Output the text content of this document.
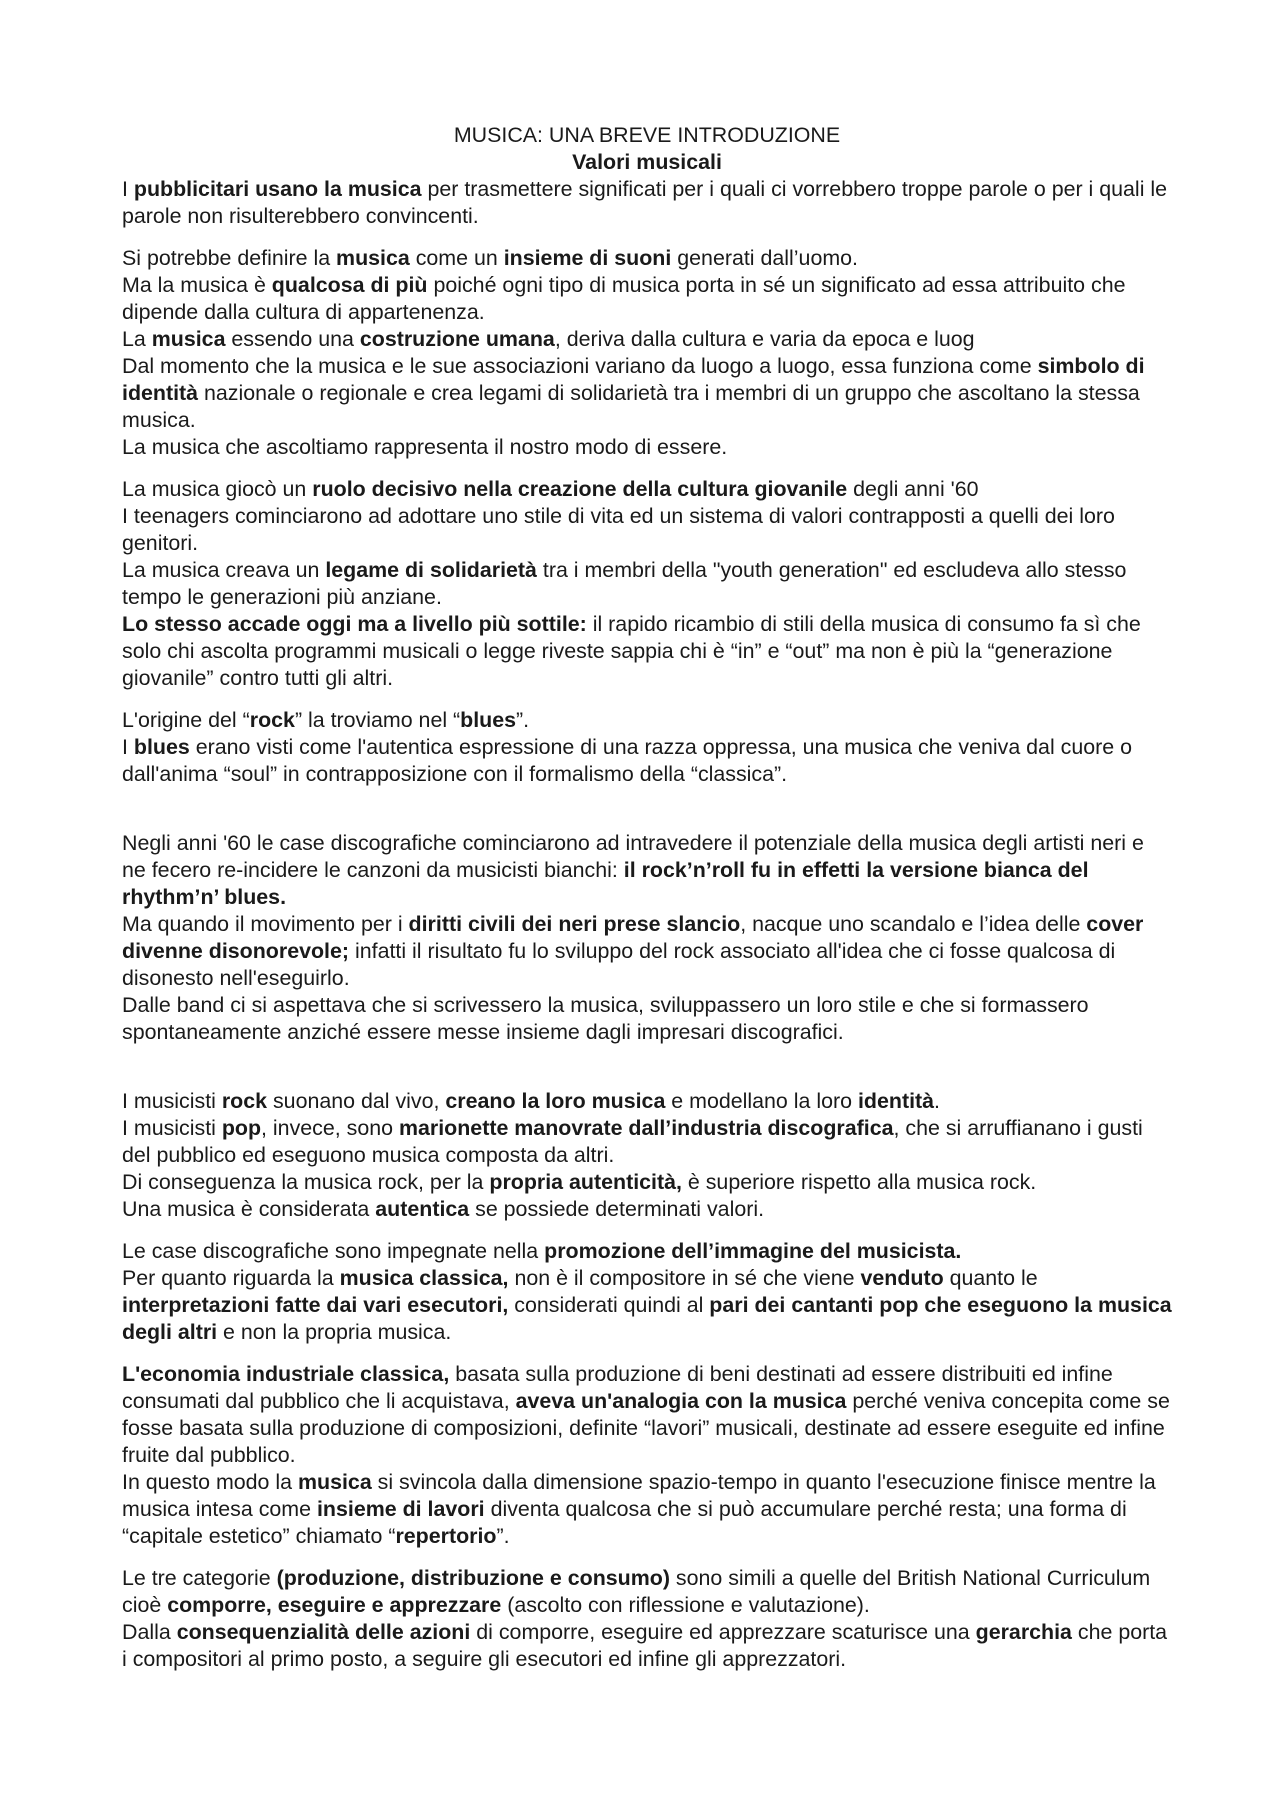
MUSICA: UNA BREVE INTRODUZIONE
Valori musicali

I pubblicitari usano la musica per trasmettere significati per i quali ci vorrebbero troppe parole o per i quali le parole non risulterebbero convincenti.

Si potrebbe definire la musica come un insieme di suoni generati dall’uomo.

Ma la musica è qualcosa di più poiché ogni tipo di musica porta in sé un significato ad essa attribuito che dipende dalla cultura di appartenenza.

La musica essendo una costruzione umana, deriva dalla cultura e varia da epoca e luog

Dal momento che la musica e le sue associazioni variano da luogo a luogo, essa funziona come simbolo di identità nazionale o regionale e crea legami di solidarietà tra i membri di un gruppo che ascoltano la stessa musica.

La musica che ascoltiamo rappresenta il nostro modo di essere.

La musica giocò un ruolo decisivo nella creazione della cultura giovanile degli anni '60

I teenagers cominciarono ad adottare uno stile di vita ed un sistema di valori contrapposti a quelli dei loro genitori.

La musica creava un legame di solidarietà tra i membri della "youth generation" ed escludeva allo stesso tempo le generazioni più anziane.

Lo stesso accade oggi ma a livello più sottile: il rapido ricambio di stili della musica di consumo fa sì che solo chi ascolta programmi musicali o legge riveste sappia chi è “in” e “out” ma non è più la “generazione giovanile” contro tutti gli altri.

L'origine del “rock” la troviamo nel “blues”.

I blues erano visti come l'autentica espressione di una razza oppressa, una musica che veniva dal cuore o dall'anima “soul” in contrapposizione con il formalismo della “classica”.

Negli anni '60 le case discografiche cominciarono ad intravedere il potenziale della musica degli artisti neri e ne fecero re-incidere le canzoni da musicisti bianchi: il rock’n’roll fu in effetti la versione bianca del rhythm’n’ blues.

Ma quando il movimento per i diritti civili dei neri prese slancio, nacque uno scandalo e l’idea delle cover divenne disonorevole; infatti il risultato fu lo sviluppo del rock associato all'idea che ci fosse qualcosa di disonesto nell'eseguirlo.

Dalle band ci si aspettava che si scrivessero la musica, sviluppassero un loro stile e che si formassero spontaneamente anziché essere messe insieme dagli impresari discografici.

I musicisti rock suonano dal vivo, creano la loro musica e modellano la loro identità.

I musicisti pop, invece, sono marionette manovrate dall’industria discografica, che si arruffianano i gusti del pubblico ed eseguono musica composta da altri.

Di conseguenza la musica rock, per la propria autenticità, è superiore rispetto alla musica rock.

Una musica è considerata autentica se possiede determinati valori.

Le case discografiche sono impegnate nella promozione dell’immagine del musicista.

Per quanto riguarda la musica classica, non è il compositore in sé che viene venduto quanto le interpretazioni fatte dai vari esecutori, considerati quindi al pari dei cantanti pop che eseguono la musica degli altri e non la propria musica.

L'economia industriale classica, basata sulla produzione di beni destinati ad essere distribuiti ed infine consumati dal pubblico che li acquistava, aveva un'analogia con la musica perché veniva concepita come se fosse basata sulla produzione di composizioni, definite “lavori” musicali, destinate ad essere eseguite ed infine fruite dal pubblico.

In questo modo la musica si svincola dalla dimensione spazio-tempo in quanto l'esecuzione finisce mentre la musica intesa come insieme di lavori diventa qualcosa che si può accumulare perché resta; una forma di “capitale estetico” chiamato “repertorio”.

Le tre categorie (produzione, distribuzione e consumo) sono simili a quelle del British National Curriculum cioè comporre, eseguire e apprezzare (ascolto con riflessione e valutazione).

Dalla consequenzialità delle azioni di comporre, eseguire ed apprezzare scaturisce una gerarchia che porta i compositori al primo posto, a seguire gli esecutori ed infine gli apprezzatori.
